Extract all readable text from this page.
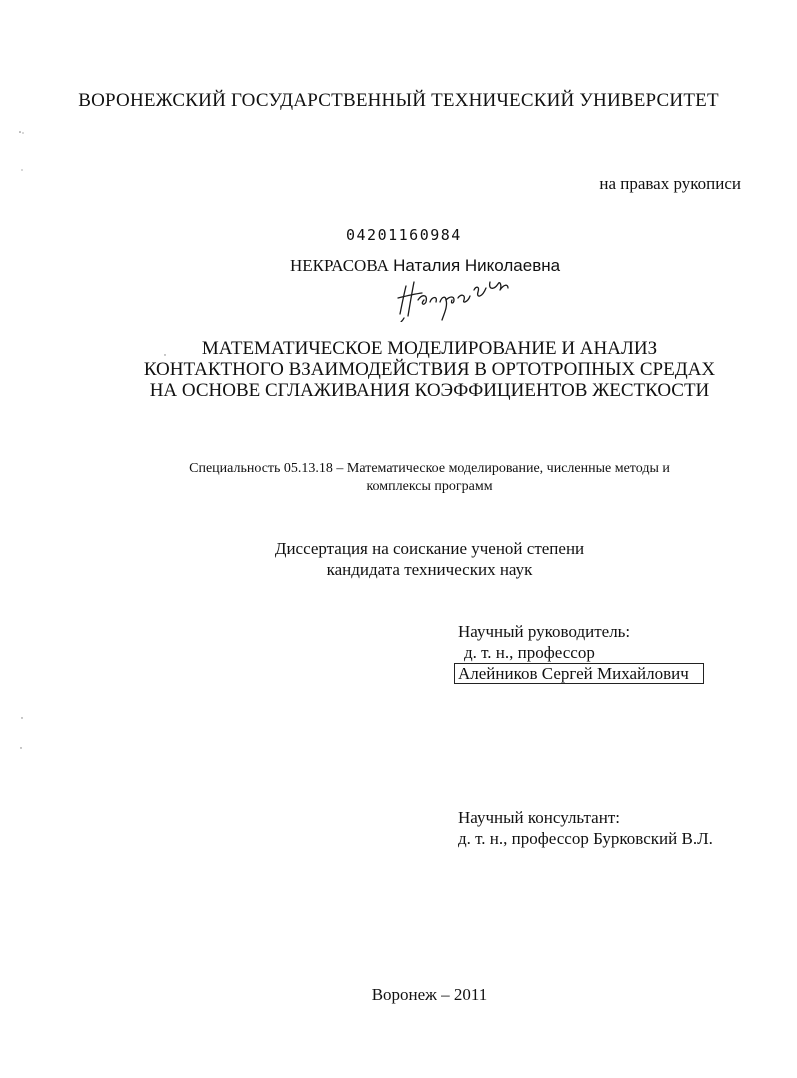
ВОРОНЕЖСКИЙ ГОСУДАРСТВЕННЫЙ ТЕХНИЧЕСКИЙ УНИВЕРСИТЕТ
на правах рукописи
04201160984
НЕКРАСОВА Наталия Николаевна
МАТЕМАТИЧЕСКОЕ МОДЕЛИРОВАНИЕ И АНАЛИЗ
КОНТАКТНОГО ВЗАИМОДЕЙСТВИЯ В ОРТОТРОПНЫХ СРЕДАХ
НА ОСНОВЕ СГЛАЖИВАНИЯ КОЭФФИЦИЕНТОВ ЖЕСТКОСТИ
Специальность 05.13.18 – Математическое моделирование, численные методы и
комплексы программ
Диссертация на соискание ученой степени
кандидата технических наук
Научный руководитель:
д. т. н., профессор
Алейников Сергей Михайлович
Научный консультант:
д. т. н., профессор Бурковский В.Л.
Воронеж – 2011
